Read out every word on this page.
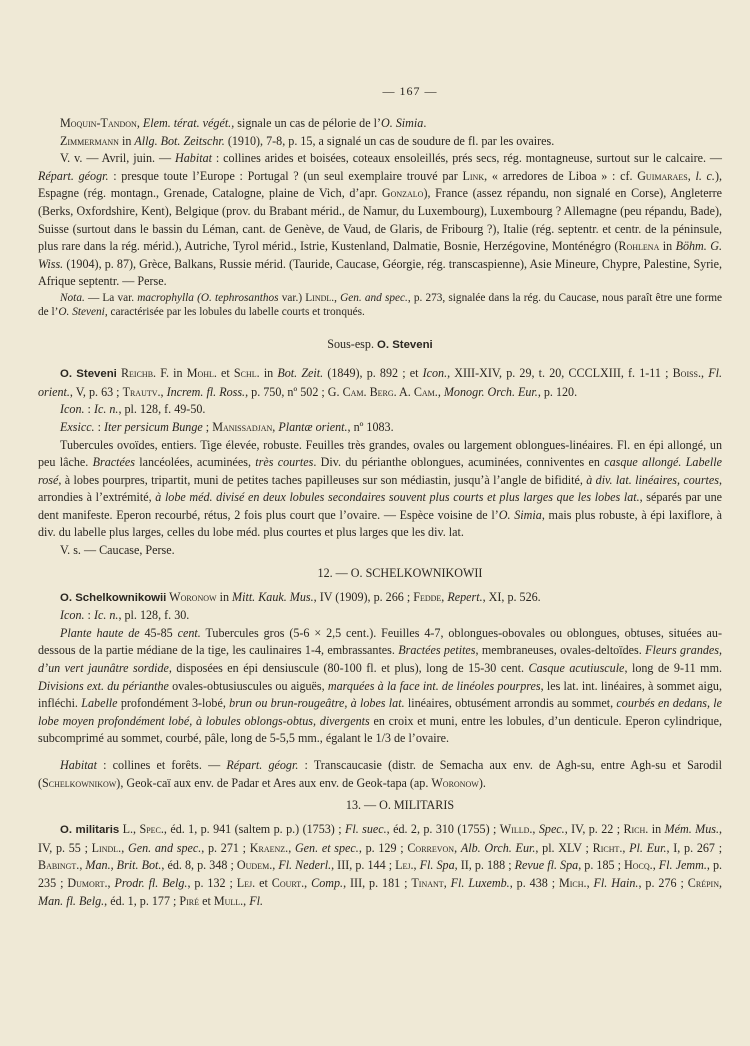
— 167 —

Moquin-Tandon, Elem. térat. végét., signale un cas de pélorie de l’O. Simia.

Zimmermann in Allg. Bot. Zeitschr. (1910), 7-8, p. 15, a signalé un cas de soudure de fl. par les ovaires.

V. v. — Avril, juin. — Habitat : collines arides et boisées, coteaux ensoleillés, prés secs, rég. montagneuse, surtout sur le calcaire. — Répart. géogr. : presque toute l’Europe : Portugal ? (un seul exemplaire trouvé par Link, « arredores de Liboa » : cf. Guimaraes, l. c.), Espagne (rég. montagn., Grenade, Catalogne, plaine de Vich, d’apr. Gonzalo), France (assez répandu, non signalé en Corse), Angleterre (Berks, Oxfordshire, Kent), Belgique (prov. du Brabant mérid., de Namur, du Luxembourg), Luxembourg ? Allemagne (peu répandu, Bade), Suisse (surtout dans le bassin du Léman, cant. de Genève, de Vaud, de Glaris, de Fribourg ?), Italie (rég. septentr. et centr. de la péninsule, plus rare dans la rég. mérid.), Autriche, Tyrol mérid., Istrie, Kustenland, Dalmatie, Bosnie, Herzégovine, Monténégro (Rohlena in Böhm. G. Wiss. (1904), p. 87), Grèce, Balkans, Russie mérid. (Tauride, Caucase, Géorgie, rég. transcaspienne), Asie Mineure, Chypre, Palestine, Syrie, Afrique septentr. — Perse.

Nota. — La var. macrophylla (O. tephrosanthos var.) Lindl., Gen. and spec., p. 273, signalée dans la rég. du Caucase, nous paraît être une forme de l’O. Steveni, caractérisée par les lobules du labelle courts et tronqués.

Sous-esp. O. Steveni

O. Steveni Reichb. F. in Mohl. et Schl. in Bot. Zeit. (1849), p. 892 ; et Icon., XIII-XIV, p. 29, t. 20, CCCLXIII, f. 1-11 ; Boiss., Fl. orient., V, p. 63 ; Trautv., Increm. fl. Ross., p. 750, nº 502 ; G. Cam. Berg. A. Cam., Monogr. Orch. Eur., p. 120.

Icon. : Ic. n., pl. 128, f. 49-50.

Exsicc. : Iter persicum Bunge ; Manissadjan, Plantæ orient., nº 1083.

Tubercules ovoïdes, entiers. Tige élevée, robuste. Feuilles très grandes, ovales ou largement oblongues-linéaires. Fl. en épi allongé, un peu lâche. Bractées lancéolées, acuminées, très courtes. Div. du périanthe oblongues, acuminées, conniventes en casque allongé. Labelle rosé, à lobes pourpres, tripartit, muni de petites taches papilleuses sur son médiastin, jusqu’à l’angle de bifidité, à div. lat. linéaires, courtes, arrondies à l’extrémité, à lobe méd. divisé en deux lobules secondaires souvent plus courts et plus larges que les lobes lat., séparés par une dent manifeste. Eperon recourbé, rétus, 2 fois plus court que l’ovaire. — Espèce voisine de l’O. Simia, mais plus robuste, à épi laxiflore, à div. du labelle plus larges, celles du lobe méd. plus courtes et plus larges que les div. lat.

V. s. — Caucase, Perse.

12. — O. SCHELKOWNIKOWII

O. Schelkownikowii Woronow in Mitt. Kauk. Mus., IV (1909), p. 266 ; Fedde, Repert., XI, p. 526.

Icon. : Ic. n., pl. 128, f. 30.

Plante haute de 45-85 cent. Tubercules gros (5-6 × 2,5 cent.). Feuilles 4-7, oblongues-obovales ou oblongues, obtuses, situées au-dessous de la partie médiane de la tige, les caulinaires 1-4, embrassantes. Bractées petites, membraneuses, ovales-deltoïdes. Fleurs grandes, d’un vert jaunâtre sordide, disposées en épi densiuscule (80-100 fl. et plus), long de 15-30 cent. Casque acutiuscule, long de 9-11 mm. Divisions ext. du périanthe ovales-obtusiuscules ou aiguës, marquées à la face int. de linéoles pourpres, les lat. int. linéaires, à sommet aigu, infléchi. Labelle profondément 3-lobé, brun ou brun-rougeâtre, à lobes lat. linéaires, obtusément arrondis au sommet, courbés en dedans, le lobe moyen profondément lobé, à lobules oblongs-obtus, divergents en croix et muni, entre les lobules, d’un denticule. Eperon cylindrique, subcomprimé au sommet, courbé, pâle, long de 5-5,5 mm., égalant le 1/3 de l’ovaire.

Habitat : collines et forêts. — Répart. géogr. : Transcaucasie (distr. de Semacha aux env. de Agh-su, entre Agh-su et Sarodil (Schelkownikow), Geok-caï aux env. de Padar et Ares aux env. de Geok-tapa (ap. Woronow).

13. — O. MILITARIS

O. militaris L., Spec., éd. 1, p. 941 (saltem p. p.) (1753) ; Fl. suec., éd. 2, p. 310 (1755) ; Willd., Spec., IV, p. 22 ; Rich. in Mém. Mus., IV, p. 55 ; Lindl., Gen. and spec., p. 271 ; Kraenz., Gen. et spec., p. 129 ; Correvon, Alb. Orch. Eur., pl. XLV ; Richt., Pl. Eur., I, p. 267 ; Babingt., Man., Brit. Bot., éd. 8, p. 348 ; Oudem., Fl. Nederl., III, p. 144 ; Lej., Fl. Spa, II, p. 188 ; Revue fl. Spa, p. 185 ; Hocq., Fl. Jemm., p. 235 ; Dumort., Prodr. fl. Belg., p. 132 ; Lej. et Court., Comp., III, p. 181 ; Tinant, Fl. Luxemb., p. 438 ; Mich., Fl. Hain., p. 276 ; Crépin, Man. fl. Belg., éd. 1, p. 177 ; Piré et Mull., Fl.
